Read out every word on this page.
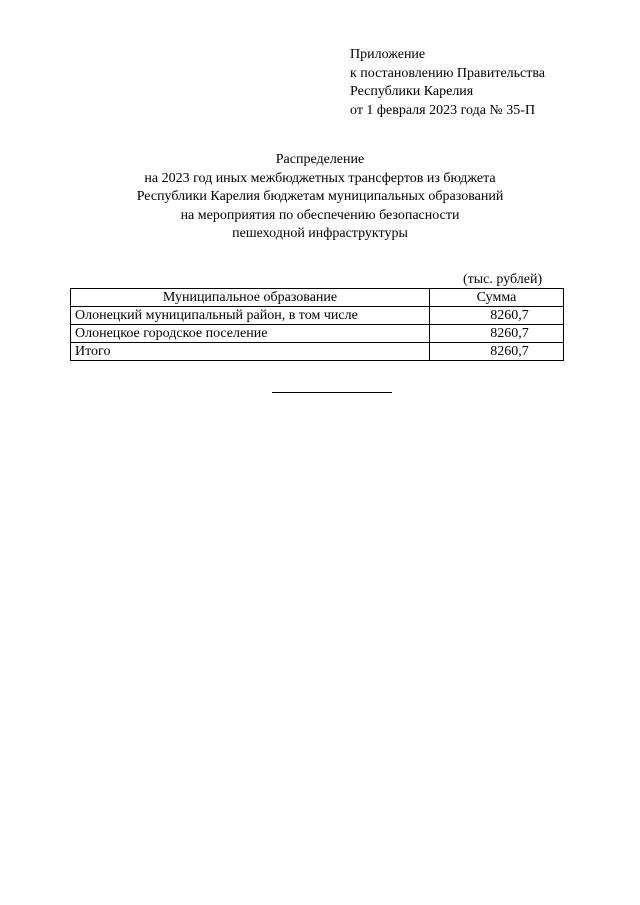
Приложение
к постановлению Правительства
Республики Карелия
от 1 февраля 2023 года № 35-П
Распределение
на 2023 год иных межбюджетных трансфертов из бюджета
Республики Карелия бюджетам муниципальных образований
на мероприятия по обеспечению безопасности
пешеходной инфраструктуры
(тыс. рублей)
Муниципальное образование	Сумма
Олонецкий муниципальный район, в том числе	8260,7
Олонецкое городское поселение	8260,7
Итого	8260,7
